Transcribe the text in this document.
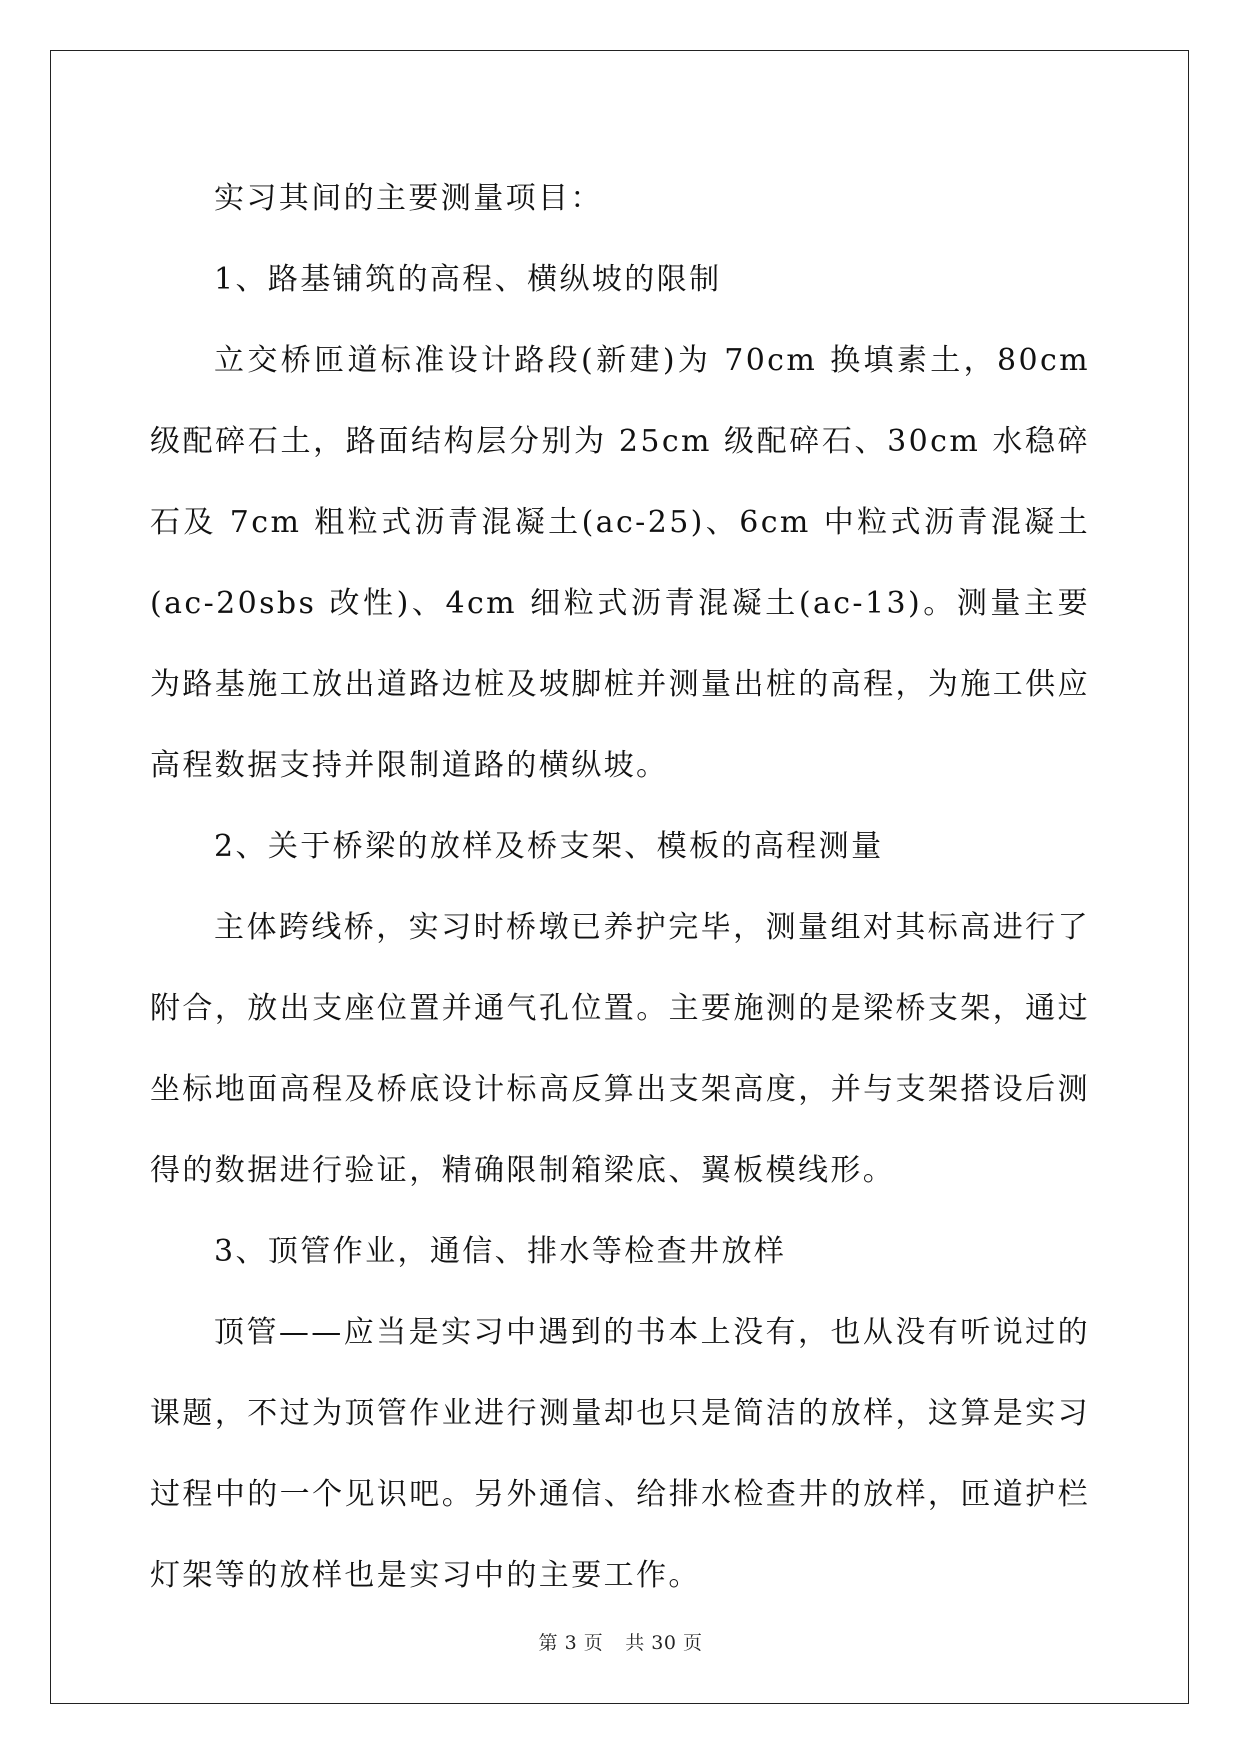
实习其间的主要测量项目：

1、路基铺筑的高程、横纵坡的限制

立交桥匝道标准设计路段(新建)为 70cm 换填素土，80cm 级配碎石土，路面结构层分别为 25cm 级配碎石、30cm 水稳碎石及 7cm 粗粒式沥青混凝土(ac-25)、6cm 中粒式沥青混凝土(ac-20sbs 改性)、4cm 细粒式沥青混凝土(ac-13)。测量主要为路基施工放出道路边桩及坡脚桩并测量出桩的高程，为施工供应高程数据支持并限制道路的横纵坡。

2、关于桥梁的放样及桥支架、模板的高程测量

主体跨线桥，实习时桥墩已养护完毕，测量组对其标高进行了附合，放出支座位置并通气孔位置。主要施测的是梁桥支架，通过坐标地面高程及桥底设计标高反算出支架高度，并与支架搭设后测得的数据进行验证，精确限制箱梁底、翼板模线形。

3、顶管作业，通信、排水等检查井放样

顶管——应当是实习中遇到的书本上没有，也从没有听说过的课题，不过为顶管作业进行测量却也只是简洁的放样，这算是实习过程中的一个见识吧。另外通信、给排水检查井的放样，匝道护栏灯架等的放样也是实习中的主要工作。

第 3 页 共 30 页
